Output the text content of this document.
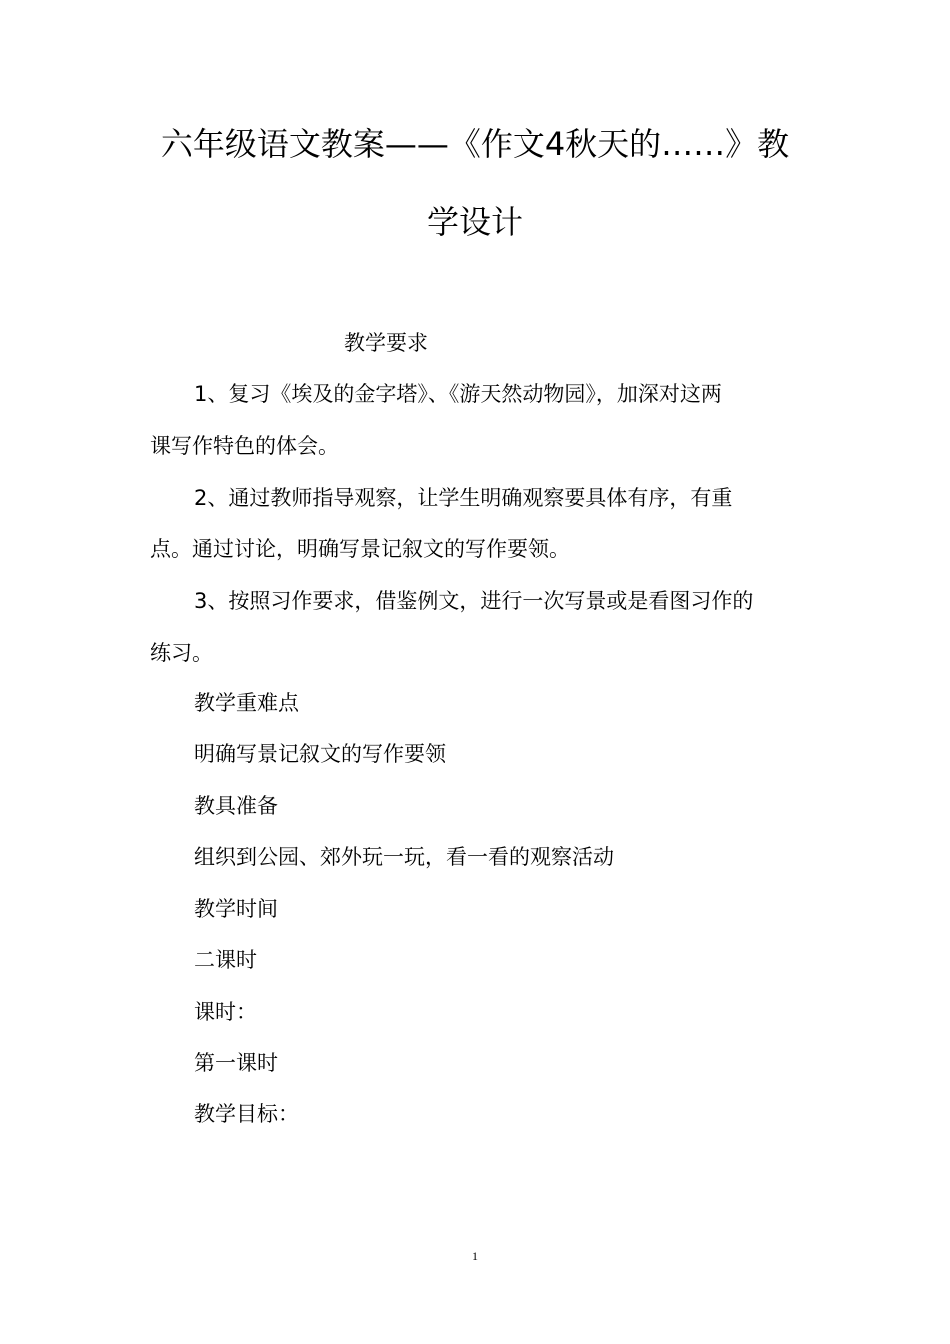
六年级语文教案——《作文4秋天的……》教
学设计

教学要求

1、复习《埃及的金字塔》、《游天然动物园》，加深对这两

课写作特色的体会。

2、通过教师指导观察，让学生明确观察要具体有序，有重

点。通过讨论，明确写景记叙文的写作要领。

3、按照习作要求，借鉴例文，进行一次写景或是看图习作的

练习。

教学重难点

明确写景记叙文的写作要领

教具准备

组织到公园、郊外玩一玩，看一看的观察活动

教学时间

二课时

课时：

第一课时

教学目标：

1
